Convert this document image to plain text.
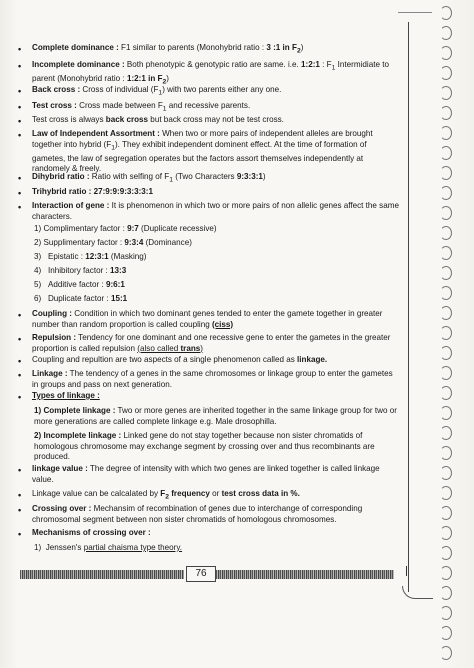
• Complete dominance : F1 similar to parents (Monohybrid ratio : 3 :1 in $F_2$)
• Incomplete dominance : Both phenotypic & genotypic ratio are same. i.e. 1:2:1 : $F_1$ Intermidiate to parent (Monohybrid ratio : 1:2:1 in $F_2$)
• Back cross : Cross of individual $(F_1)$ with two parents either any one.
• Test cross : Cross made between $F_1$ and recessive parents.
• Test cross is always back cross but back cross may not be test cross.
• Law of Independent Assortment : When two or more pairs of independent alleles are brought together into hybrid $(F_1)$. They exhibit independent dominent effect. At the time of formation of gametes, the law of segregation operates but the factors assort themselves independently at randomely & freely.
• Dihybrid ratio : Ratio with selfing of $F_1$ (Two Characters 9:3:3:1)
• Trihybrid ratio : 27:9:9:9:3:3:3:1
• Interaction of gene : It is phenomenon in which two or more pairs of non allelic genes affect the same characters.
1) Complimentary factor : 9:7 (Duplicate recessive)
2) Supplimentary factor : 9:3:4 (Dominance)
3)   Epistatic : 12:3:1 (Masking)
4)   Inhibitory factor : 13:3
5)   Additive factor : 9:6:1
6)   Duplicate factor : 15:1
• Coupling : Condition in which two dominant genes tended to enter the gamete together in greater number than random proportion is called coupling (ciss)
• Repulsion : Tendency for one dominant and one recessive gene to enter the gametes in the greater proportion is called repulsion (also called trans)
• Coupling and repultion are two aspects of a single phenomenon called as linkage.
• Linkage : The tendency of a genes in the same chromosomes or linkage group to enter the gametes in groups and pass on next generation.
• Types of linkage :
1) Complete linkage : Two or more genes are inherited together in the same linkage group for two or more generations are called complete linkage e.g. Male drosophilla.
2) Incomplete linkage : Linked gene do not stay together because non sister chromatids of homologous chromosome may exchange segment by crossing over and thus recombinants are produced.
• linkage value : The degree of intensity with which two genes are linked together is called linkage value.
• Linkage value can be calcalated by $F_2$ frequency or test cross data in %.
• Crossing over : Mechansim of recombination of genes due to interchange of corresponding chromosomal segment between non sister chromatids of homologous chromosomes.
• Mechanisms of crossing over :
1)  Jenssen's partial chaisma type theory.
76
